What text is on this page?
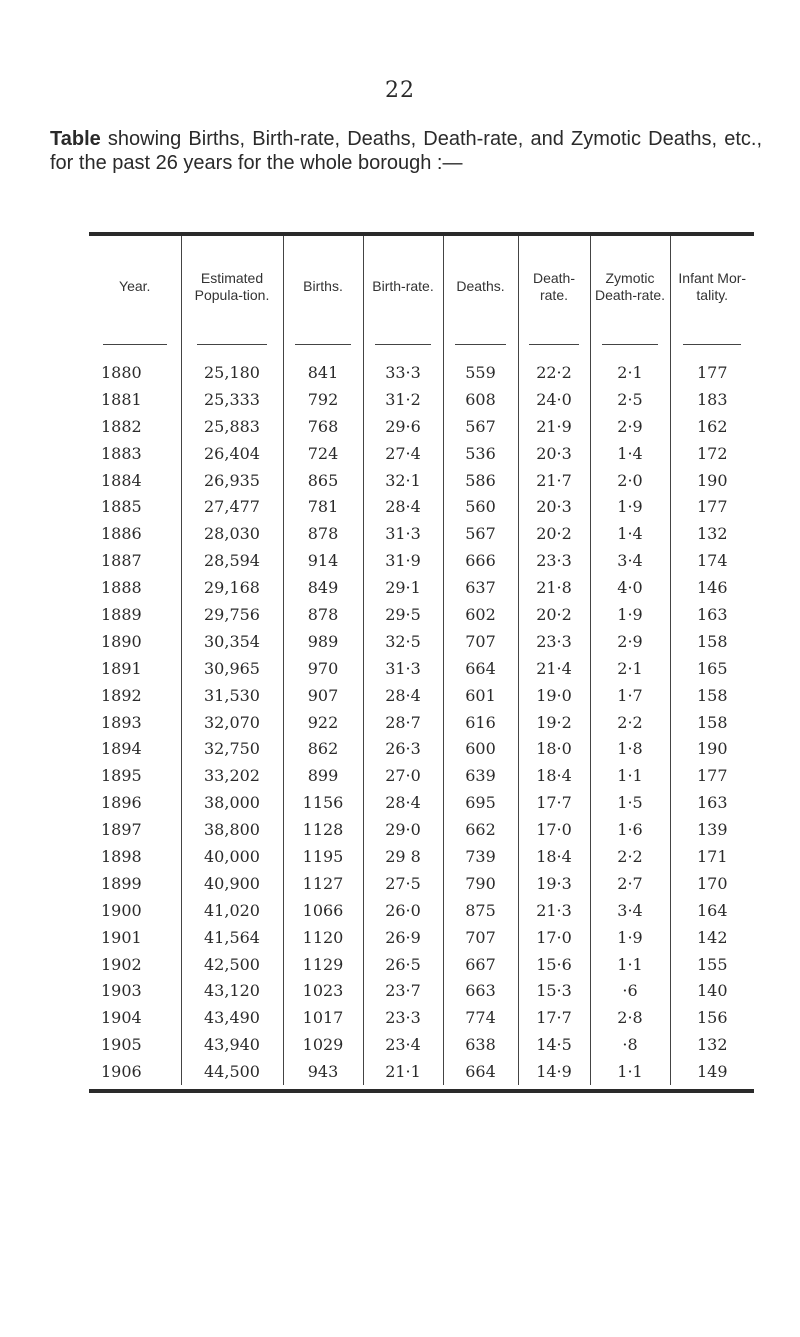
22
Table showing Births, Birth-rate, Deaths, Death-rate, and Zymotic Deaths, etc., for the past 26 years for the whole borough :—
Year.	Estimated Popula-tion.	Births.	Birth-rate.	Deaths.	Death-rate.	Zymotic Death-rate.	Infant Mor-tality.

1880	25,180	841	33·3	559	22·2	2·1	177
1881	25,333	792	31·2	608	24·0	2·5	183
1882	25,883	768	29·6	567	21·9	2·9	162
1883	26,404	724	27·4	536	20·3	1·4	172
1884	26,935	865	32·1	586	21·7	2·0	190
1885	27,477	781	28·4	560	20·3	1·9	177
1886	28,030	878	31·3	567	20·2	1·4	132
1887	28,594	914	31·9	666	23·3	3·4	174
1888	29,168	849	29·1	637	21·8	4·0	146
1889	29,756	878	29·5	602	20·2	1·9	163
1890	30,354	989	32·5	707	23·3	2·9	158
1891	30,965	970	31·3	664	21·4	2·1	165
1892	31,530	907	28·4	601	19·0	1·7	158
1893	32,070	922	28·7	616	19·2	2·2	158
1894	32,750	862	26·3	600	18·0	1·8	190
1895	33,202	899	27·0	639	18·4	1·1	177
1896	38,000	1156	28·4	695	17·7	1·5	163
1897	38,800	1128	29·0	662	17·0	1·6	139
1898	40,000	1195	29 8	739	18·4	2·2	171
1899	40,900	1127	27·5	790	19·3	2·7	170
1900	41,020	1066	26·0	875	21·3	3·4	164
1901	41,564	1120	26·9	707	17·0	1·9	142
1902	42,500	1129	26·5	667	15·6	1·1	155
1903	43,120	1023	23·7	663	15·3	·6	140
1904	43,490	1017	23·3	774	17·7	2·8	156
1905	43,940	1029	23·4	638	14·5	·8	132
1906	44,500	943	21·1	664	14·9	1·1	149
